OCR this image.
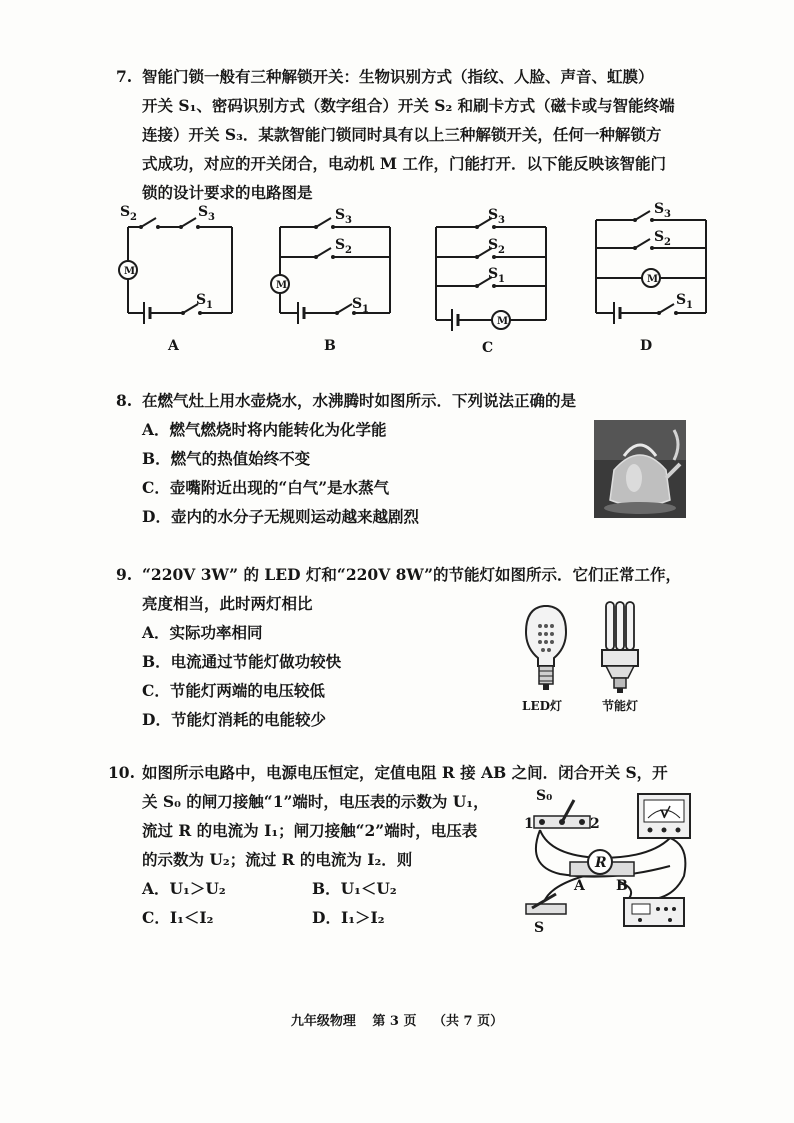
7. 智能门锁一般有三种解锁开关：生物识别方式（指纹、人脸、声音、虹膜）
开关 S₁、密码识别方式（数字组合）开关 S₂ 和刷卡方式（磁卡或与智能终端
连接）开关 S₃．某款智能门锁同时具有以上三种解锁开关，任何一种解锁方
式成功，对应的开关闭合，电动机 M 工作，门能打开．以下能反映该智能门
锁的设计要求的电路图是
M
S 2	S 3
S 1
A
M
S 3
S 2
S 1
B
M
S 3
S 2
S 1
C
M
S 3
S 2
S 1
D
8. 在燃气灶上用水壶烧水，水沸腾时如图所示．下列说法正确的是
A．燃气燃烧时将内能转化为化学能
B．燃气的热值始终不变
C．壶嘴附近出现的“白气”是水蒸气
D．壶内的水分子无规则运动越来越剧烈
9. “220V 3W” 的 LED 灯和“220V 8W”的节能灯如图所示．它们正常工作，
亮度相当，此时两灯相比
A．实际功率相同
B．电流通过节能灯做功较快
C．节能灯两端的电压较低
D．节能灯消耗的电能较少
LED灯	节能灯
10. 如图所示电路中，电源电压恒定，定值电阻 R 接 AB 之间．闭合开关 S，开
关 S₀ 的闸刀接触“1”端时，电压表的示数为 U₁，
流过 R 的电流为 I₁；闸刀接触“2”端时，电压表
的示数为 U₂；流过 R 的电流为 I₂．则
A．U₁＞U₂	B．U₁＜U₂
C．I₁＜I₂	D．I₁＞I₂
S₀
1	2
V
R
A B
S
九年级物理 第 3 页 （共 7 页）
